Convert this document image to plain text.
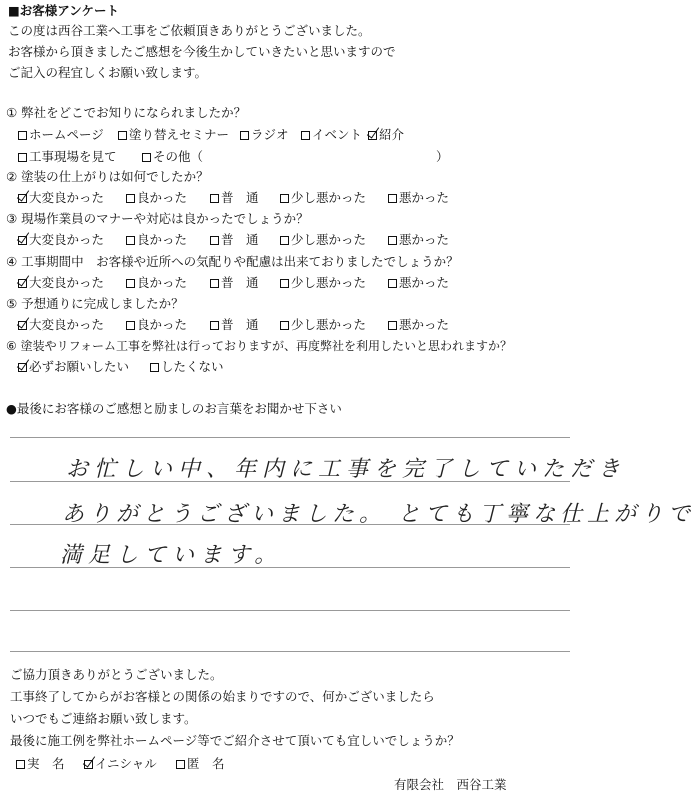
■お客様アンケート
この度は西谷工業へ工事をご依頼頂きありがとうございました。
お客様から頂きましたご感想を今後生かしていきたいと思いますので
ご記入の程宜しくお願い致します。
① 弊社をどこでお知りになられましたか？
ホームページ	塗り替えセミナー	ラジオ	イベント	紹介
工事現場を見て	その他（	）
② 塗装の仕上がりは如何でしたか？
大変良かった	良かった	普　通	少し悪かった	悪かった
③ 現場作業員のマナーや対応は良かったでしょうか？
大変良かった	良かった	普　通	少し悪かった	悪かった
④ 工事期間中　お客様や近所への気配りや配慮は出来ておりましたでしょうか？
大変良かった	良かった	普　通	少し悪かった	悪かった
⑤ 予想通りに完成しましたか？
大変良かった	良かった	普　通	少し悪かった	悪かった
⑥ 塗装やリフォーム工事を弊社は行っておりますが、再度弊社を利用したいと思われますか？
必ずお願いしたい	したくない
●最後にお客様のご感想と励ましのお言葉をお聞かせ下さい
お忙しい中、年内に工事を完了していただき
ありがとうございました。 とても丁寧な仕上がりで
満足しています。
ご協力頂きありがとうございました。
工事終了してからがお客様との関係の始まりですので、何かございましたら
いつでもご連絡お願い致します。
最後に施工例を弊社ホームページ等でご紹介させて頂いても宜しいでしょうか？
実　名	イニシャル	匿　名
有限会社　西谷工業
